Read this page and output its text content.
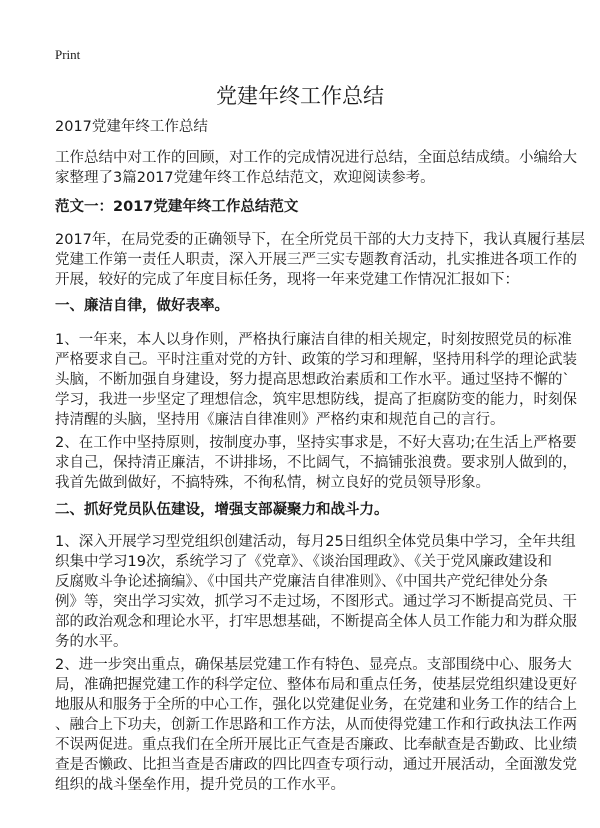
Print
党建年终工作总结
2017党建年终工作总结
工作总结中对工作的回顾，对工作的完成情况进行总结，全面总结成绩。小编给大
家整理了3篇2017党建年终工作总结范文，欢迎阅读参考。
范文一：2017党建年终工作总结范文
2017年，在局党委的正确领导下，在全所党员干部的大力支持下，我认真履行基层
党建工作第一责任人职责，深入开展三严三实专题教育活动，扎实推进各项工作的
开展，较好的完成了年度目标任务，现将一年来党建工作情况汇报如下：
一、廉洁自律，做好表率。
1、一年来，本人以身作则，严格执行廉洁自律的相关规定，时刻按照党员的标准
严格要求自己。平时注重对党的方针、政策的学习和理解，坚持用科学的理论武装
头脑，不断加强自身建设，努力提高思想政治素质和工作水平。通过坚持不懈的`
学习，我进一步坚定了理想信念，筑牢思想防线，提高了拒腐防变的能力，时刻保
持清醒的头脑，坚持用《廉洁自律准则》严格约束和规范自己的言行。
2、在工作中坚持原则，按制度办事，坚持实事求是，不好大喜功;在生活上严格要
求自己，保持清正廉洁，不讲排场，不比阔气，不搞铺张浪费。要求别人做到的，
我首先做到做好，不搞特殊，不徇私情，树立良好的党员领导形象。
二、抓好党员队伍建设，增强支部凝聚力和战斗力。
1、深入开展学习型党组织创建活动，每月25日组织全体党员集中学习，全年共组
织集中学习19次，系统学习了《党章》、《谈治国理政》、《关于党风廉政建设和
反腐败斗争论述摘编》、《中国共产党廉洁自律准则》、《中国共产党纪律处分条
例》等，突出学习实效，抓学习不走过场，不图形式。通过学习不断提高党员、干
部的政治观念和理论水平，打牢思想基础，不断提高全体人员工作能力和为群众服
务的水平。
2、进一步突出重点，确保基层党建工作有特色、显亮点。支部围绕中心、服务大
局，准确把握党建工作的科学定位、整体布局和重点任务，使基层党组织建设更好
地服从和服务于全所的中心工作，强化以党建促业务，在党建和业务工作的结合上
、融合上下功夫，创新工作思路和工作方法，从而使得党建工作和行政执法工作两
不误两促进。重点我们在全所开展比正气查是否廉政、比奉献查是否勤政、比业绩
查是否懒政、比担当查是否庸政的四比四查专项行动，通过开展活动，全面激发党
组织的战斗堡垒作用，提升党员的工作水平。
